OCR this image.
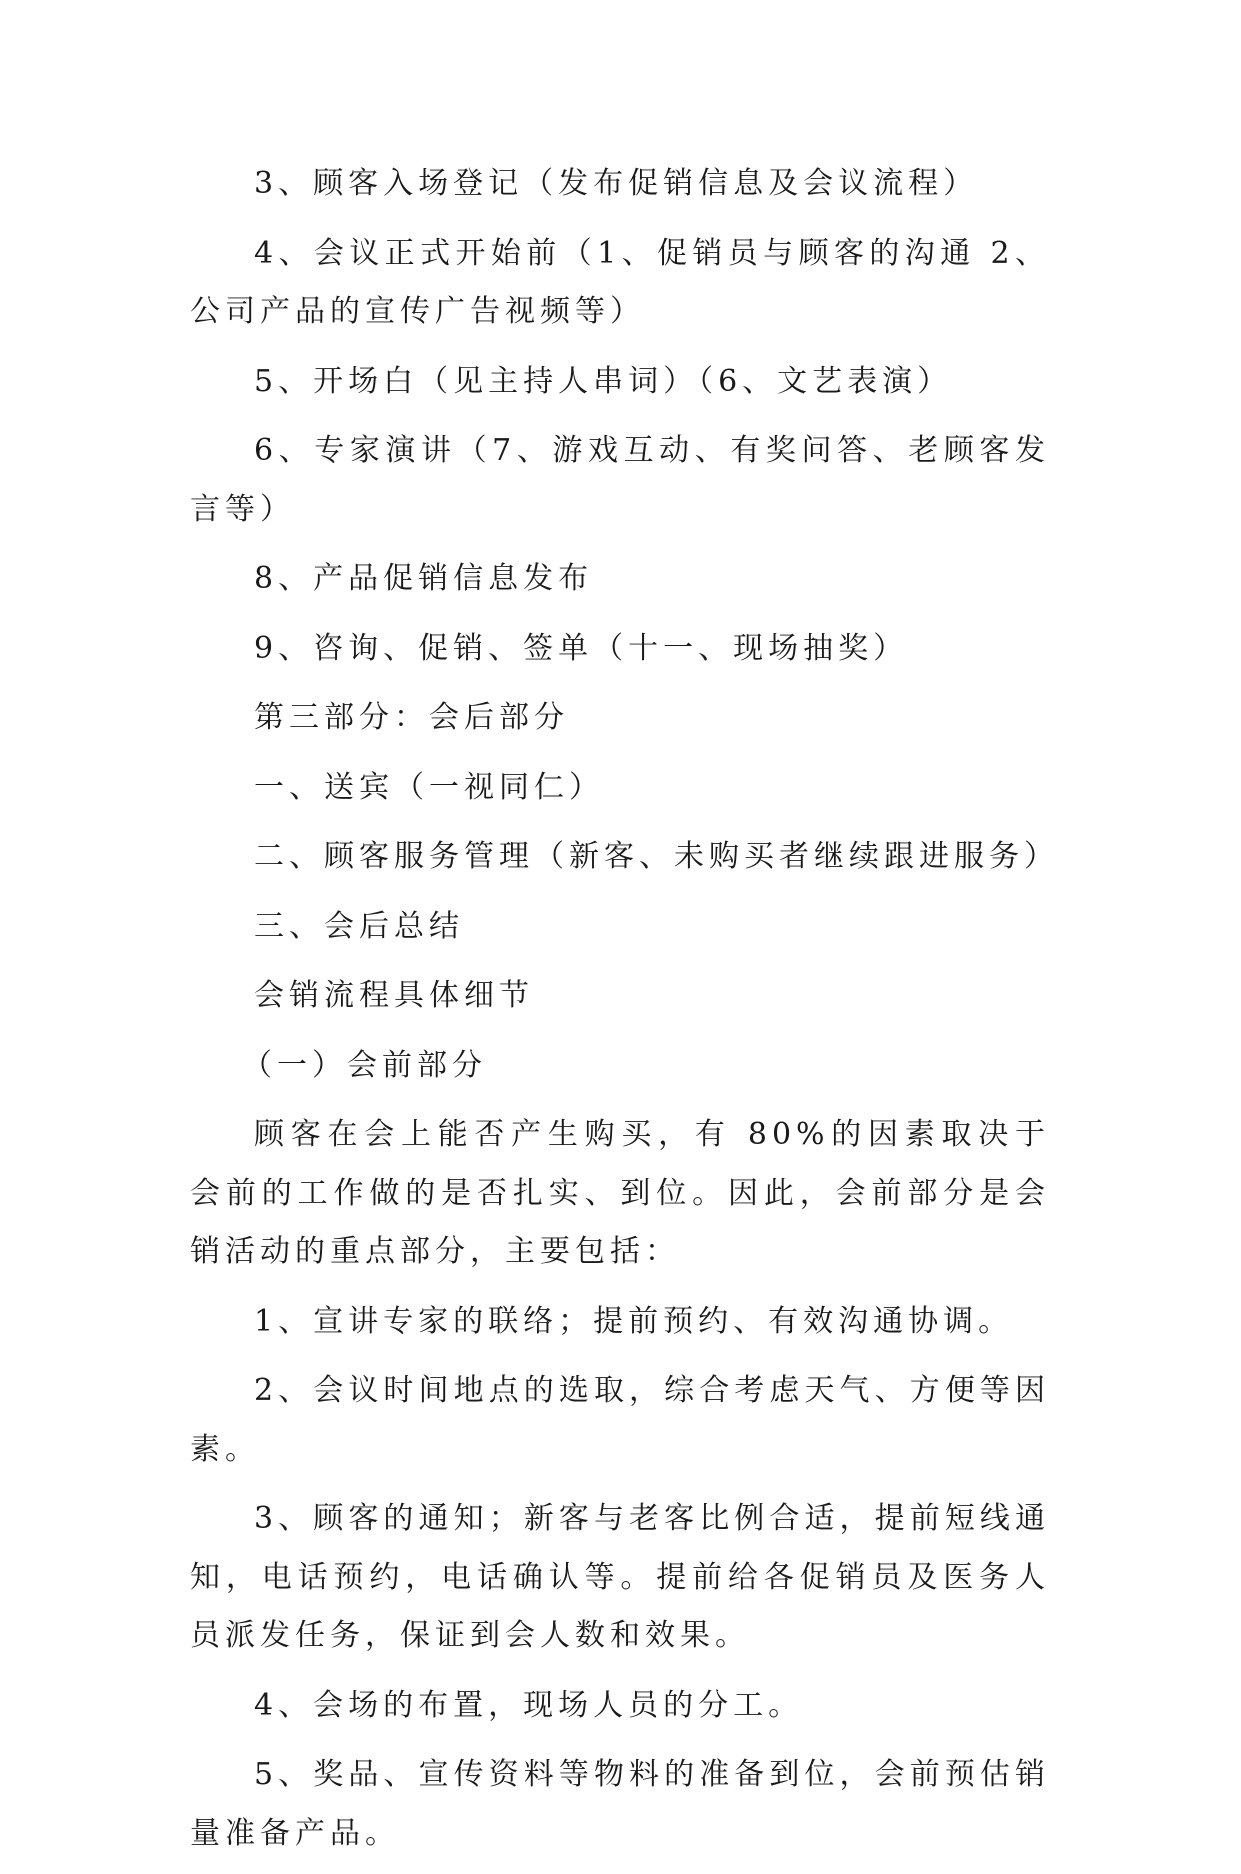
3、顾客入场登记（发布促销信息及会议流程）

4、会议正式开始前（1、促销员与顾客的沟通 2、公司产品的宣传广告视频等）

5、开场白（见主持人串词）（6、文艺表演）

6、专家演讲（7、游戏互动、有奖问答、老顾客发言等）

8、产品促销信息发布

9、咨询、促销、签单（十一、现场抽奖）

第三部分：会后部分

一、送宾（一视同仁）

二、顾客服务管理（新客、未购买者继续跟进服务）

三、会后总结

会销流程具体细节

（一）会前部分

顾客在会上能否产生购买，有 80%的因素取决于会前的工作做的是否扎实、到位。因此，会前部分是会销活动的重点部分，主要包括：

1、宣讲专家的联络；提前预约、有效沟通协调。

2、会议时间地点的选取，综合考虑天气、方便等因素。

3、顾客的通知；新客与老客比例合适，提前短线通知，电话预约，电话确认等。提前给各促销员及医务人员派发任务，保证到会人数和效果。

4、会场的布置，现场人员的分工。

5、奖品、宣传资料等物料的准备到位，会前预估销量准备产品。
